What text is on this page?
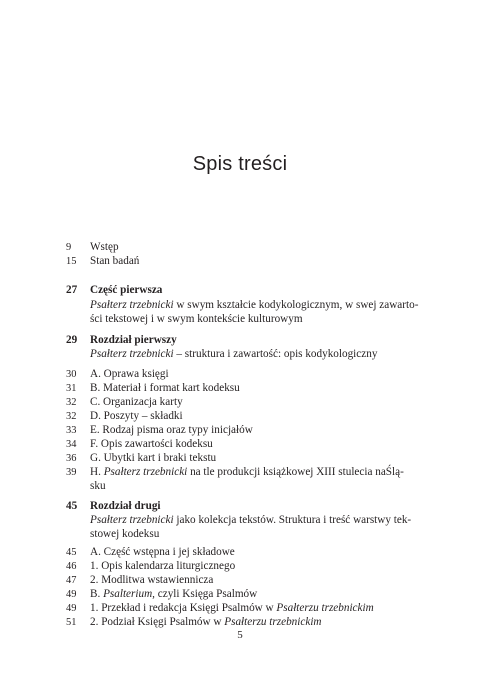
Spis treści
9	Wstęp
15	Stan badań
27	Część pierwsza
Psałterz trzebnicki w swym kształcie kodykologicznym, w swej zawarto-
ści tekstowej i w swym kontekście kulturowym
29	Rozdział pierwszy
Psałterz trzebnicki – struktura i zawartość: opis kodykologiczny
30	A. Oprawa księgi
31	B. Materiał i format kart kodeksu
32	C. Organizacja karty
32	D. Poszyty – składki
33	E. Rodzaj pisma oraz typy inicjałów
34	F. Opis zawartości kodeksu
36	G. Ubytki kart i braki tekstu
39	H. Psałterz trzebnicki na tle produkcji książkowej XIII stulecia naŚlą-
sku
45	Rozdział drugi
Psałterz trzebnicki jako kolekcja tekstów. Struktura i treść warstwy tek-
stowej kodeksu
45	A. Część wstępna i jej składowe
46	1. Opis kalendarza liturgicznego
47	2. Modlitwa wstawiennicza
49	B. Psalterium, czyli Księga Psalmów
49	1. Przekład i redakcja Księgi Psalmów w Psałterzu trzebnickim
51	2. Podział Księgi Psalmów w Psałterzu trzebnickim
5
